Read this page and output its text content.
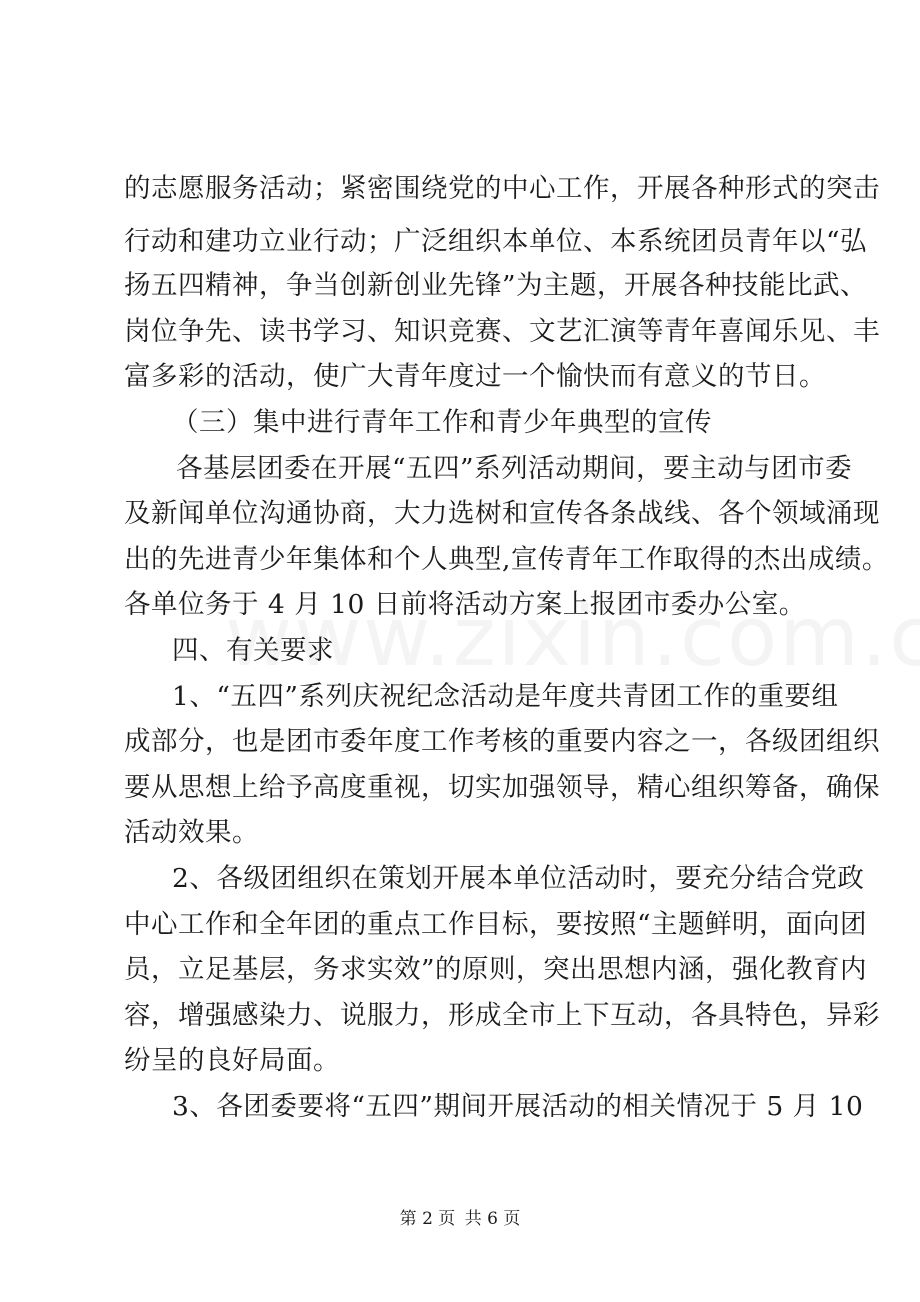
的志愿服务活动；紧密围绕党的中心工作，开展各种形式的突击
行动和建功立业行动；广泛组织本单位、本系统团员青年以“弘
扬五四精神，争当创新创业先锋”为主题，开展各种技能比武、
岗位争先、读书学习、知识竞赛、文艺汇演等青年喜闻乐见、丰
富多彩的活动，使广大青年度过一个愉快而有意义的节日。
（三）集中进行青年工作和青少年典型的宣传
各基层团委在开展“五四”系列活动期间，要主动与团市委
及新闻单位沟通协商，大力选树和宣传各条战线、各个领域涌现
出的先进青少年集体和个人典型,宣传青年工作取得的杰出成绩。
各单位务于 4 月 10 日前将活动方案上报团市委办公室。
四、有关要求
1、“五四”系列庆祝纪念活动是年度共青团工作的重要组
成部分，也是团市委年度工作考核的重要内容之一，各级团组织
要从思想上给予高度重视，切实加强领导，精心组织筹备，确保
活动效果。
2、各级团组织在策划开展本单位活动时，要充分结合党政
中心工作和全年团的重点工作目标，要按照“主题鲜明，面向团
员，立足基层，务求实效”的原则，突出思想内涵，强化教育内
容，增强感染力、说服力，形成全市上下互动，各具特色，异彩
纷呈的良好局面。
3、各团委要将“五四”期间开展活动的相关情况于 5 月 10
第 2 页 共 6 页
